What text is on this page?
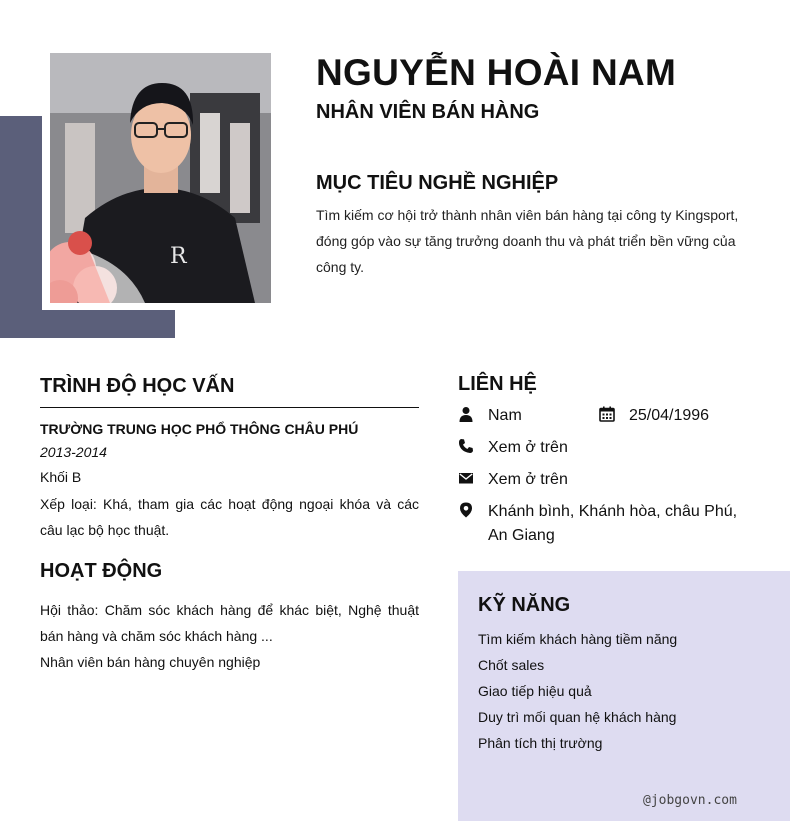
R
NGUYỄN HOÀI NAM
NHÂN VIÊN BÁN HÀNG
MỤC TIÊU NGHỀ NGHIỆP

Tìm kiếm cơ hội trở thành nhân viên bán hàng tại công ty Kingsport, đóng góp vào sự tăng trưởng doanh thu và phát triển bền vững của công ty.

TRÌNH ĐỘ HỌC VẤN

TRƯỜNG TRUNG HỌC PHỔ THÔNG CHÂU PHÚ

2013-2014

Khối B

Xếp loại: Khá, tham gia các hoạt động ngoại khóa và các câu lạc bộ học thuật.

HOẠT ĐỘNG
Hội thảo: Chăm sóc khách hàng để khác biệt, Nghệ thuật bán hàng và chăm sóc khách hàng ...
Nhân viên bán hàng chuyên nghiệp
LIÊN HỆ
Nam	25/04/1996
Xem ở trên
Xem ở trên
Khánh bình, Khánh hòa, châu Phú, An Giang
KỸ NĂNG
Tìm kiếm khách hàng tiềm năng
Chốt sales
Giao tiếp hiệu quả
Duy trì mối quan hệ khách hàng
Phân tích thị trường

@jobgovn.com
